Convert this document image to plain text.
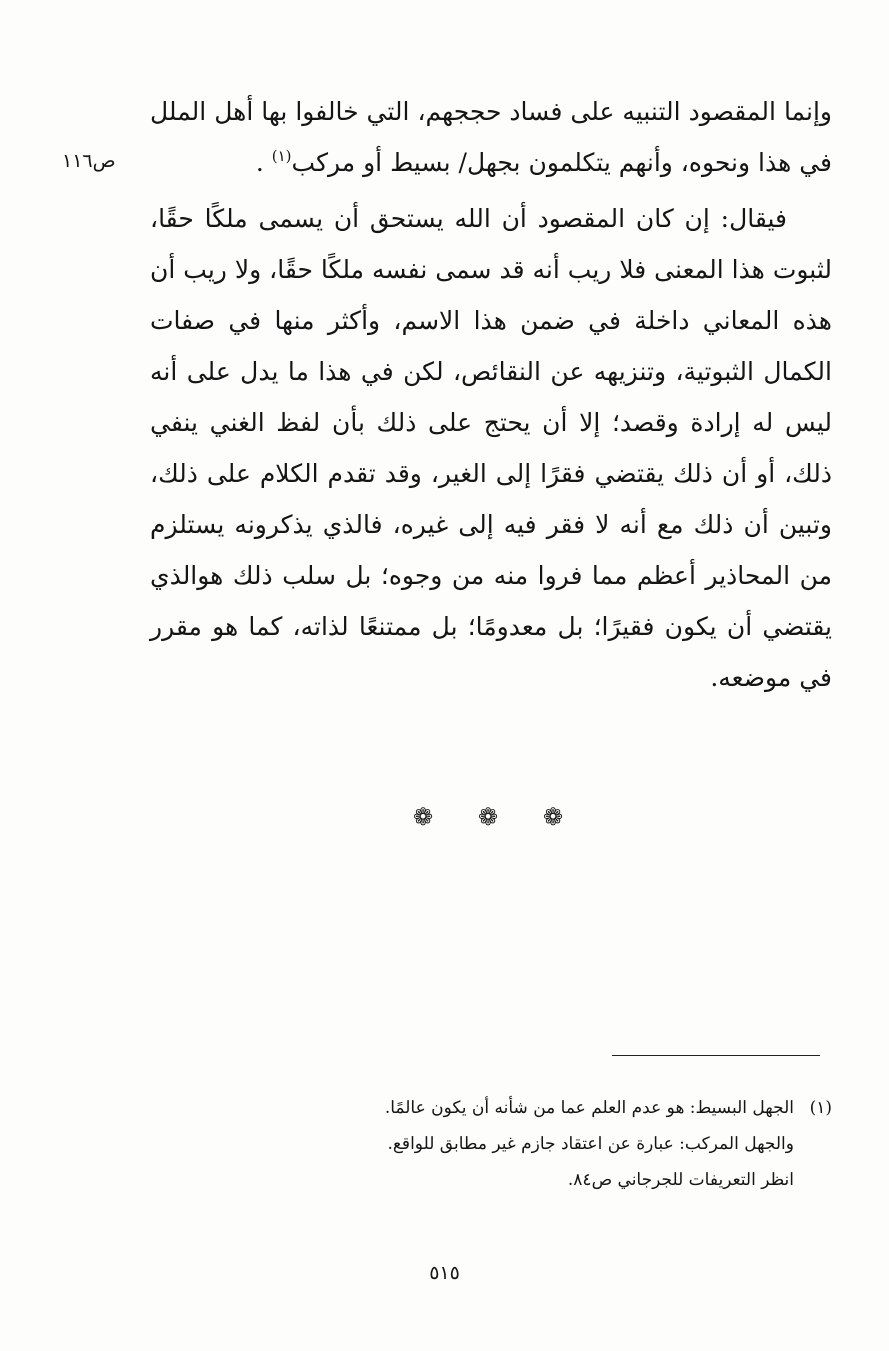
ص١١٦

وإنما المقصود التنبيه على فساد حججهم، التي خالفوا بها أهل الملل في هذا ونحوه، وأنهم يتكلمون بجهل/ بسيط أو مركب$^{(١)}$ .

فيقال: إن كان المقصود أن الله يستحق أن يسمى ملكًا حقًا، لثبوت هذا المعنى فلا ريب أنه قد سمى نفسه ملكًا حقًا، ولا ريب أن هذه المعاني داخلة في ضمن هذا الاسم، وأكثر منها في صفات الكمال الثبوتية، وتنزيهه عن النقائص، لكن في هذا ما يدل على أنه ليس له إرادة وقصد؛ إلا أن يحتج على ذلك بأن لفظ الغني ينفي ذلك، أو أن ذلك يقتضي فقرًا إلى الغير، وقد تقدم الكلام على ذلك، وتبين أن ذلك مع أنه لا فقر فيه إلى غيره، فالذي يذكرونه يستلزم من المحاذير أعظم مما فروا منه من وجوه؛ بل سلب ذلك هوالذي يقتضي أن يكون فقيرًا؛ بل معدومًا؛ بل ممتنعًا لذاته، كما هو مقرر في موضعه.

❁ ❁ ❁
(١)
الجهل البسيط: هو عدم العلم عما من شأنه أن يكون عالمًا.
والجهل المركب: عبارة عن اعتقاد جازم غير مطابق للواقع.
انظر التعريفات للجرجاني ص٨٤.
٥١٥
